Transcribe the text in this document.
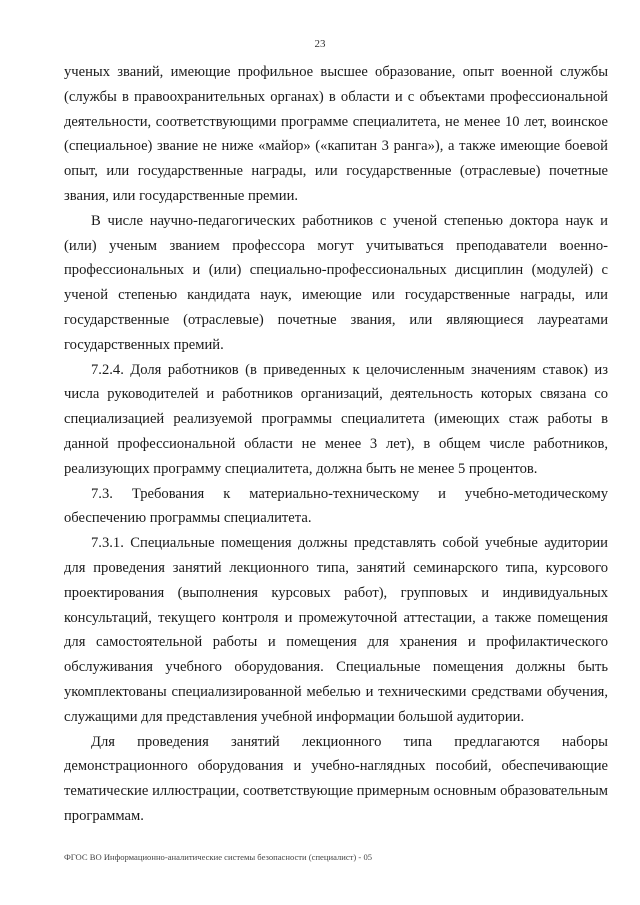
23

ученых званий, имеющие профильное высшее образование, опыт военной службы (службы в правоохранительных органах) в области и с объектами профессиональной деятельности, соответствующими программе специалитета, не менее 10 лет, воинское (специальное) звание не ниже «майор» («капитан 3 ранга»), а также имеющие боевой опыт, или государственные награды, или государственные (отраслевые) почетные звания, или государственные премии.

В числе научно-педагогических работников с ученой степенью доктора наук и (или) ученым званием профессора могут учитываться преподаватели военно-профессиональных и (или) специально-профессиональных дисциплин (модулей) с ученой степенью кандидата наук, имеющие или государственные награды, или государственные (отраслевые) почетные звания, или являющиеся лауреатами государственных премий.

7.2.4. Доля работников (в приведенных к целочисленным значениям ставок) из числа руководителей и работников организаций, деятельность которых связана со специализацией реализуемой программы специалитета (имеющих стаж работы в данной профессиональной области не менее 3 лет), в общем числе работников, реализующих программу специалитета, должна быть не менее 5 процентов.

7.3. Требования к материально-техническому и учебно-методическому обеспечению программы специалитета.

7.3.1. Специальные помещения должны представлять собой учебные аудитории для проведения занятий лекционного типа, занятий семинарского типа, курсового проектирования (выполнения курсовых работ), групповых и индивидуальных консультаций, текущего контроля и промежуточной аттестации, а также помещения для самостоятельной работы и помещения для хранения и профилактического обслуживания учебного оборудования. Специальные помещения должны быть укомплектованы специализированной мебелью и техническими средствами обучения, служащими для представления учебной информации большой аудитории.

Для проведения занятий лекционного типа предлагаются наборы демонстрационного оборудования и учебно-наглядных пособий, обеспечивающие тематические иллюстрации, соответствующие примерным основным образовательным программам.

ФГОС ВО Информационно-аналитические системы безопасности (специалист) - 05
